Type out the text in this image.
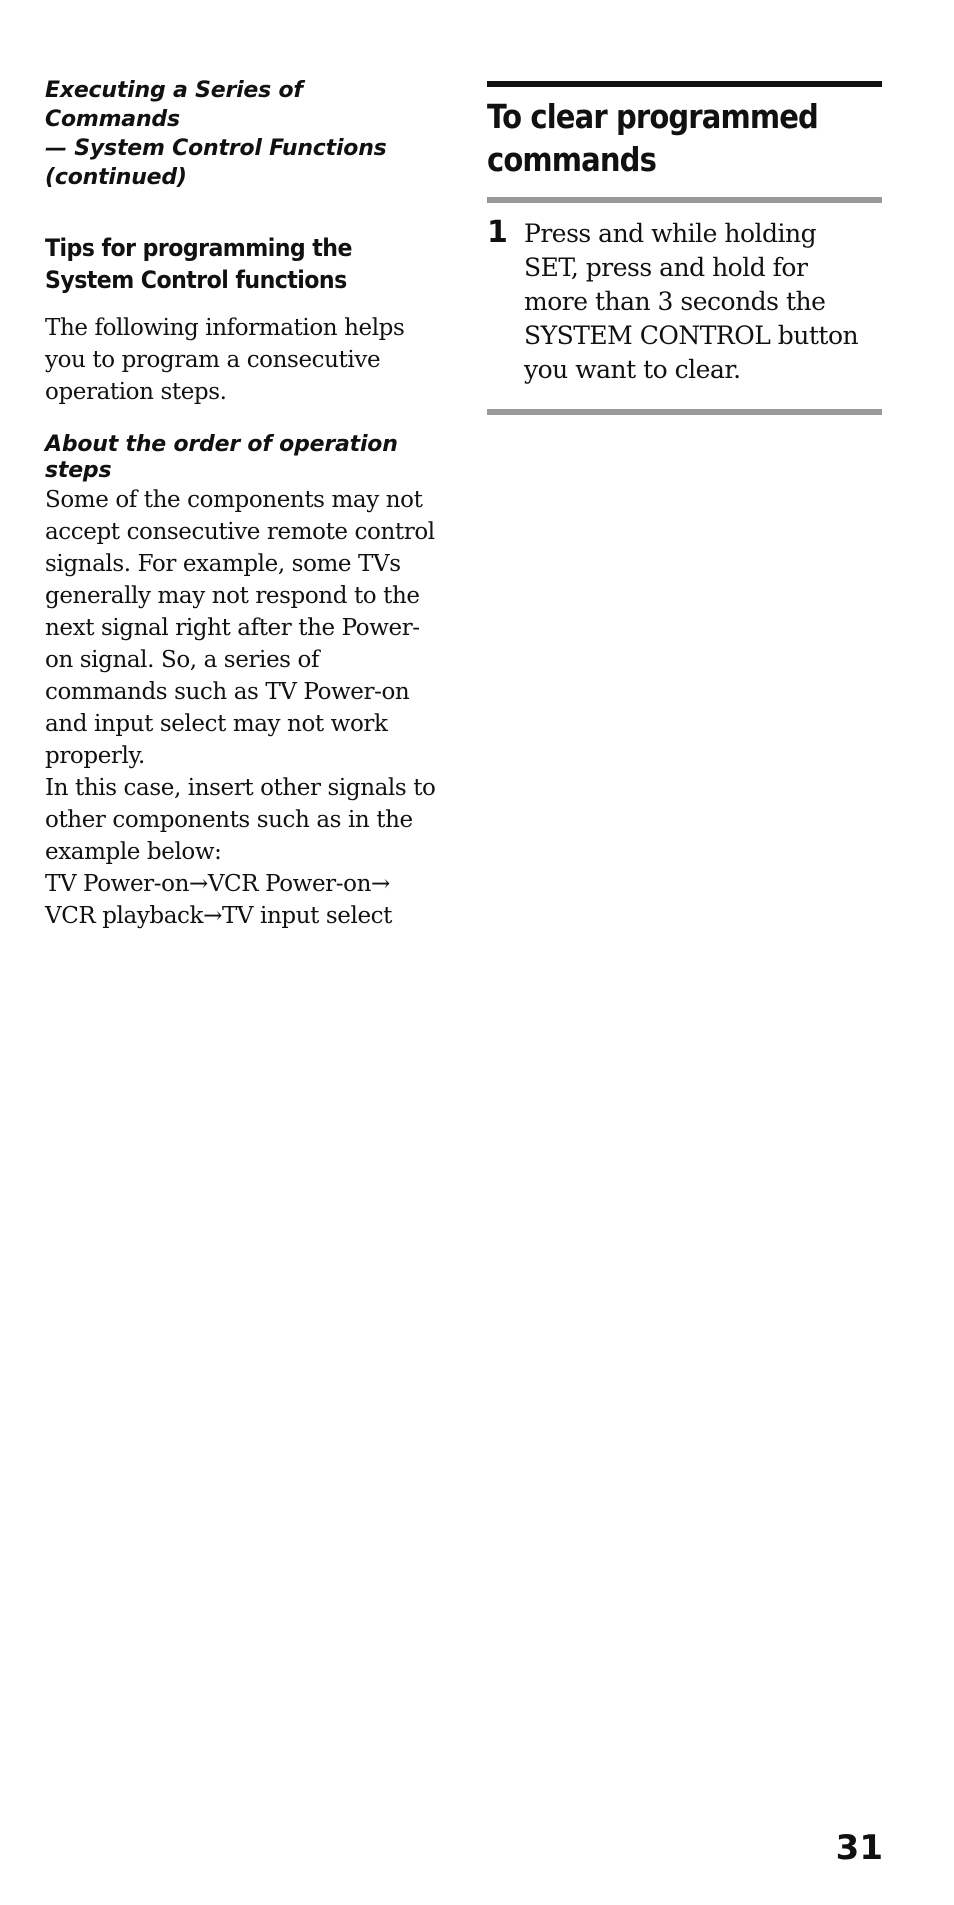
Executing a Series of Commands
— System Control Functions
(continued)
Tips for programming the
System Control functions

The following information helps
you to program a consecutive
operation steps.

About the order of operation
steps

Some of the components may not
accept consecutive remote control
signals. For example, some TVs
generally may not respond to the
next signal right after the Power-
on signal. So, a series of
commands such as TV Power-on
and input select may not work
properly.

In this case, insert other signals to
other components such as in the
example below:

TV Power-on→VCR Power-on→
VCR playback→TV input select

To clear programmed
commands
1 Press and while holding
SET, press and hold for
more than 3 seconds the
SYSTEM CONTROL button
you want to clear.

31
